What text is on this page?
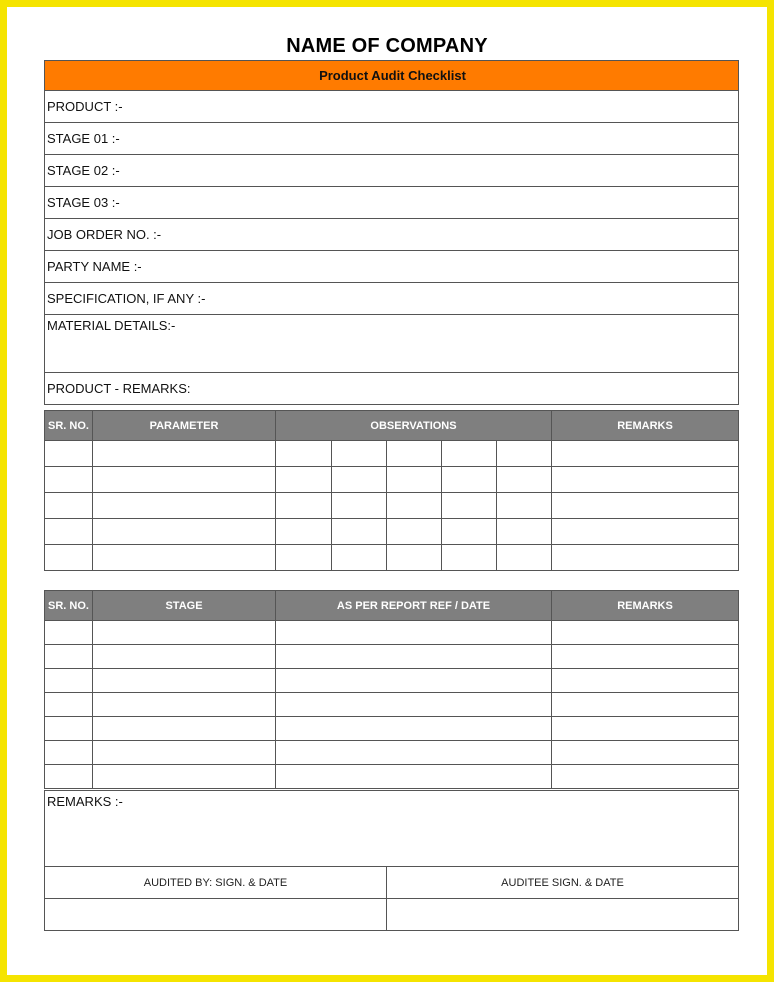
NAME OF COMPANY
Product Audit Checklist
PRODUCT :-
STAGE 01 :-
STAGE 02 :-
STAGE 03 :-
JOB ORDER NO. :-
PARTY NAME :-
SPECIFICATION, IF ANY :-
MATERIAL DETAILS:-
PRODUCT - REMARKS:
SR. NO.	PARAMETER	OBSERVATIONS					REMARKS

SR. NO.	STAGE	AS PER REPORT REF / DATE	REMARKS

REMARKS :-
AUDITED BY: SIGN. & DATE	AUDITEE SIGN. & DATE
